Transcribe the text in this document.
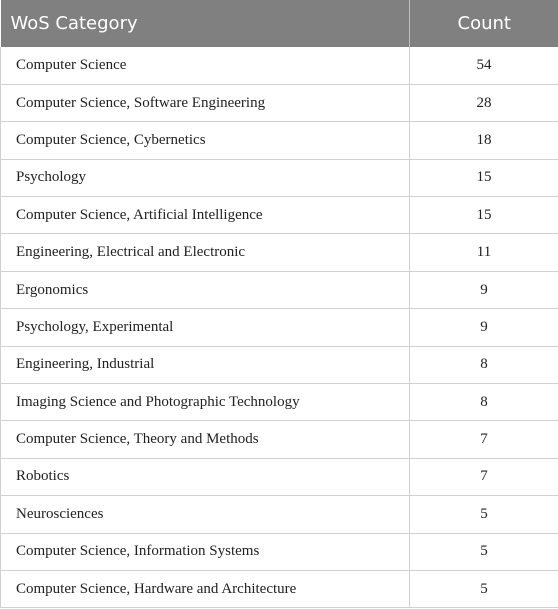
WoS Category	Count
Computer Science	54
Computer Science, Software Engineering	28
Computer Science, Cybernetics	18
Psychology	15
Computer Science, Artificial Intelligence	15
Engineering, Electrical and Electronic	11
Ergonomics	9
Psychology, Experimental	9
Engineering, Industrial	8
Imaging Science and Photographic Technology	8
Computer Science, Theory and Methods	7
Robotics	7
Neurosciences	5
Computer Science, Information Systems	5
Computer Science, Hardware and Architecture	5
